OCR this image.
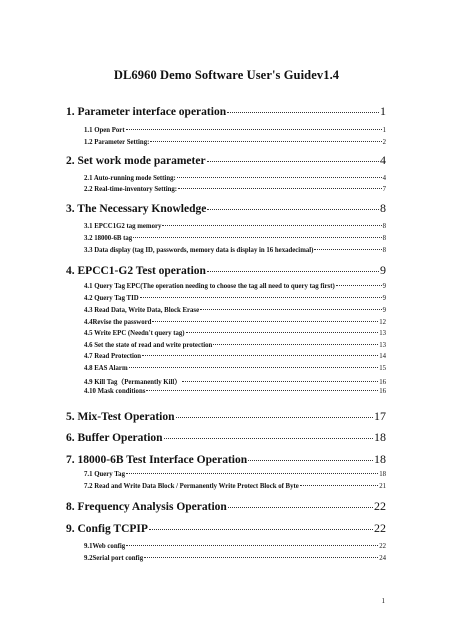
DL6960 Demo Software User's Guidev1.4
1. Parameter interface operation	1
1.1 Open Port	1
1.2 Parameter Setting:	2
2. Set work mode parameter	4
2.1 Auto-running mode Setting:	4
2.2 Real-time-inventory Setting:	7
3. The Necessary Knowledge	8
3.1 EPCC1G2 tag memory	8
3.2 18000-6B tag	8
3.3 Data display (tag ID, passwords, memory data is display in 16 hexadecimal)	8
4. EPCC1-G2 Test operation	9
4.1 Query Tag EPC(The operation needing to choose the tag all need to query tag first)	9
4.2 Query Tag TID	9
4.3 Read Data, Write Data, Block Erase	9
4.4Revise the password	12
4.5 Write EPC (Needn't query tag)	13
4.6 Set the state of read and write protection	13
4.7 Read Protection	14
4.8 EAS Alarm	15
4.9 Kill Tag（Permanently Kill）	16
4.10 Mask conditions	16
5. Mix-Test Operation	17
6. Buffer Operation	18
7. 18000-6B Test Interface Operation	18
7.1 Query Tag	18
7.2 Read and Write Data Block / Permanently Write Protect Block of Byte	21
8. Frequency Analysis Operation	22
9. Config TCPIP	22
9.1Web config	22
9.2Serial port config	24
1
